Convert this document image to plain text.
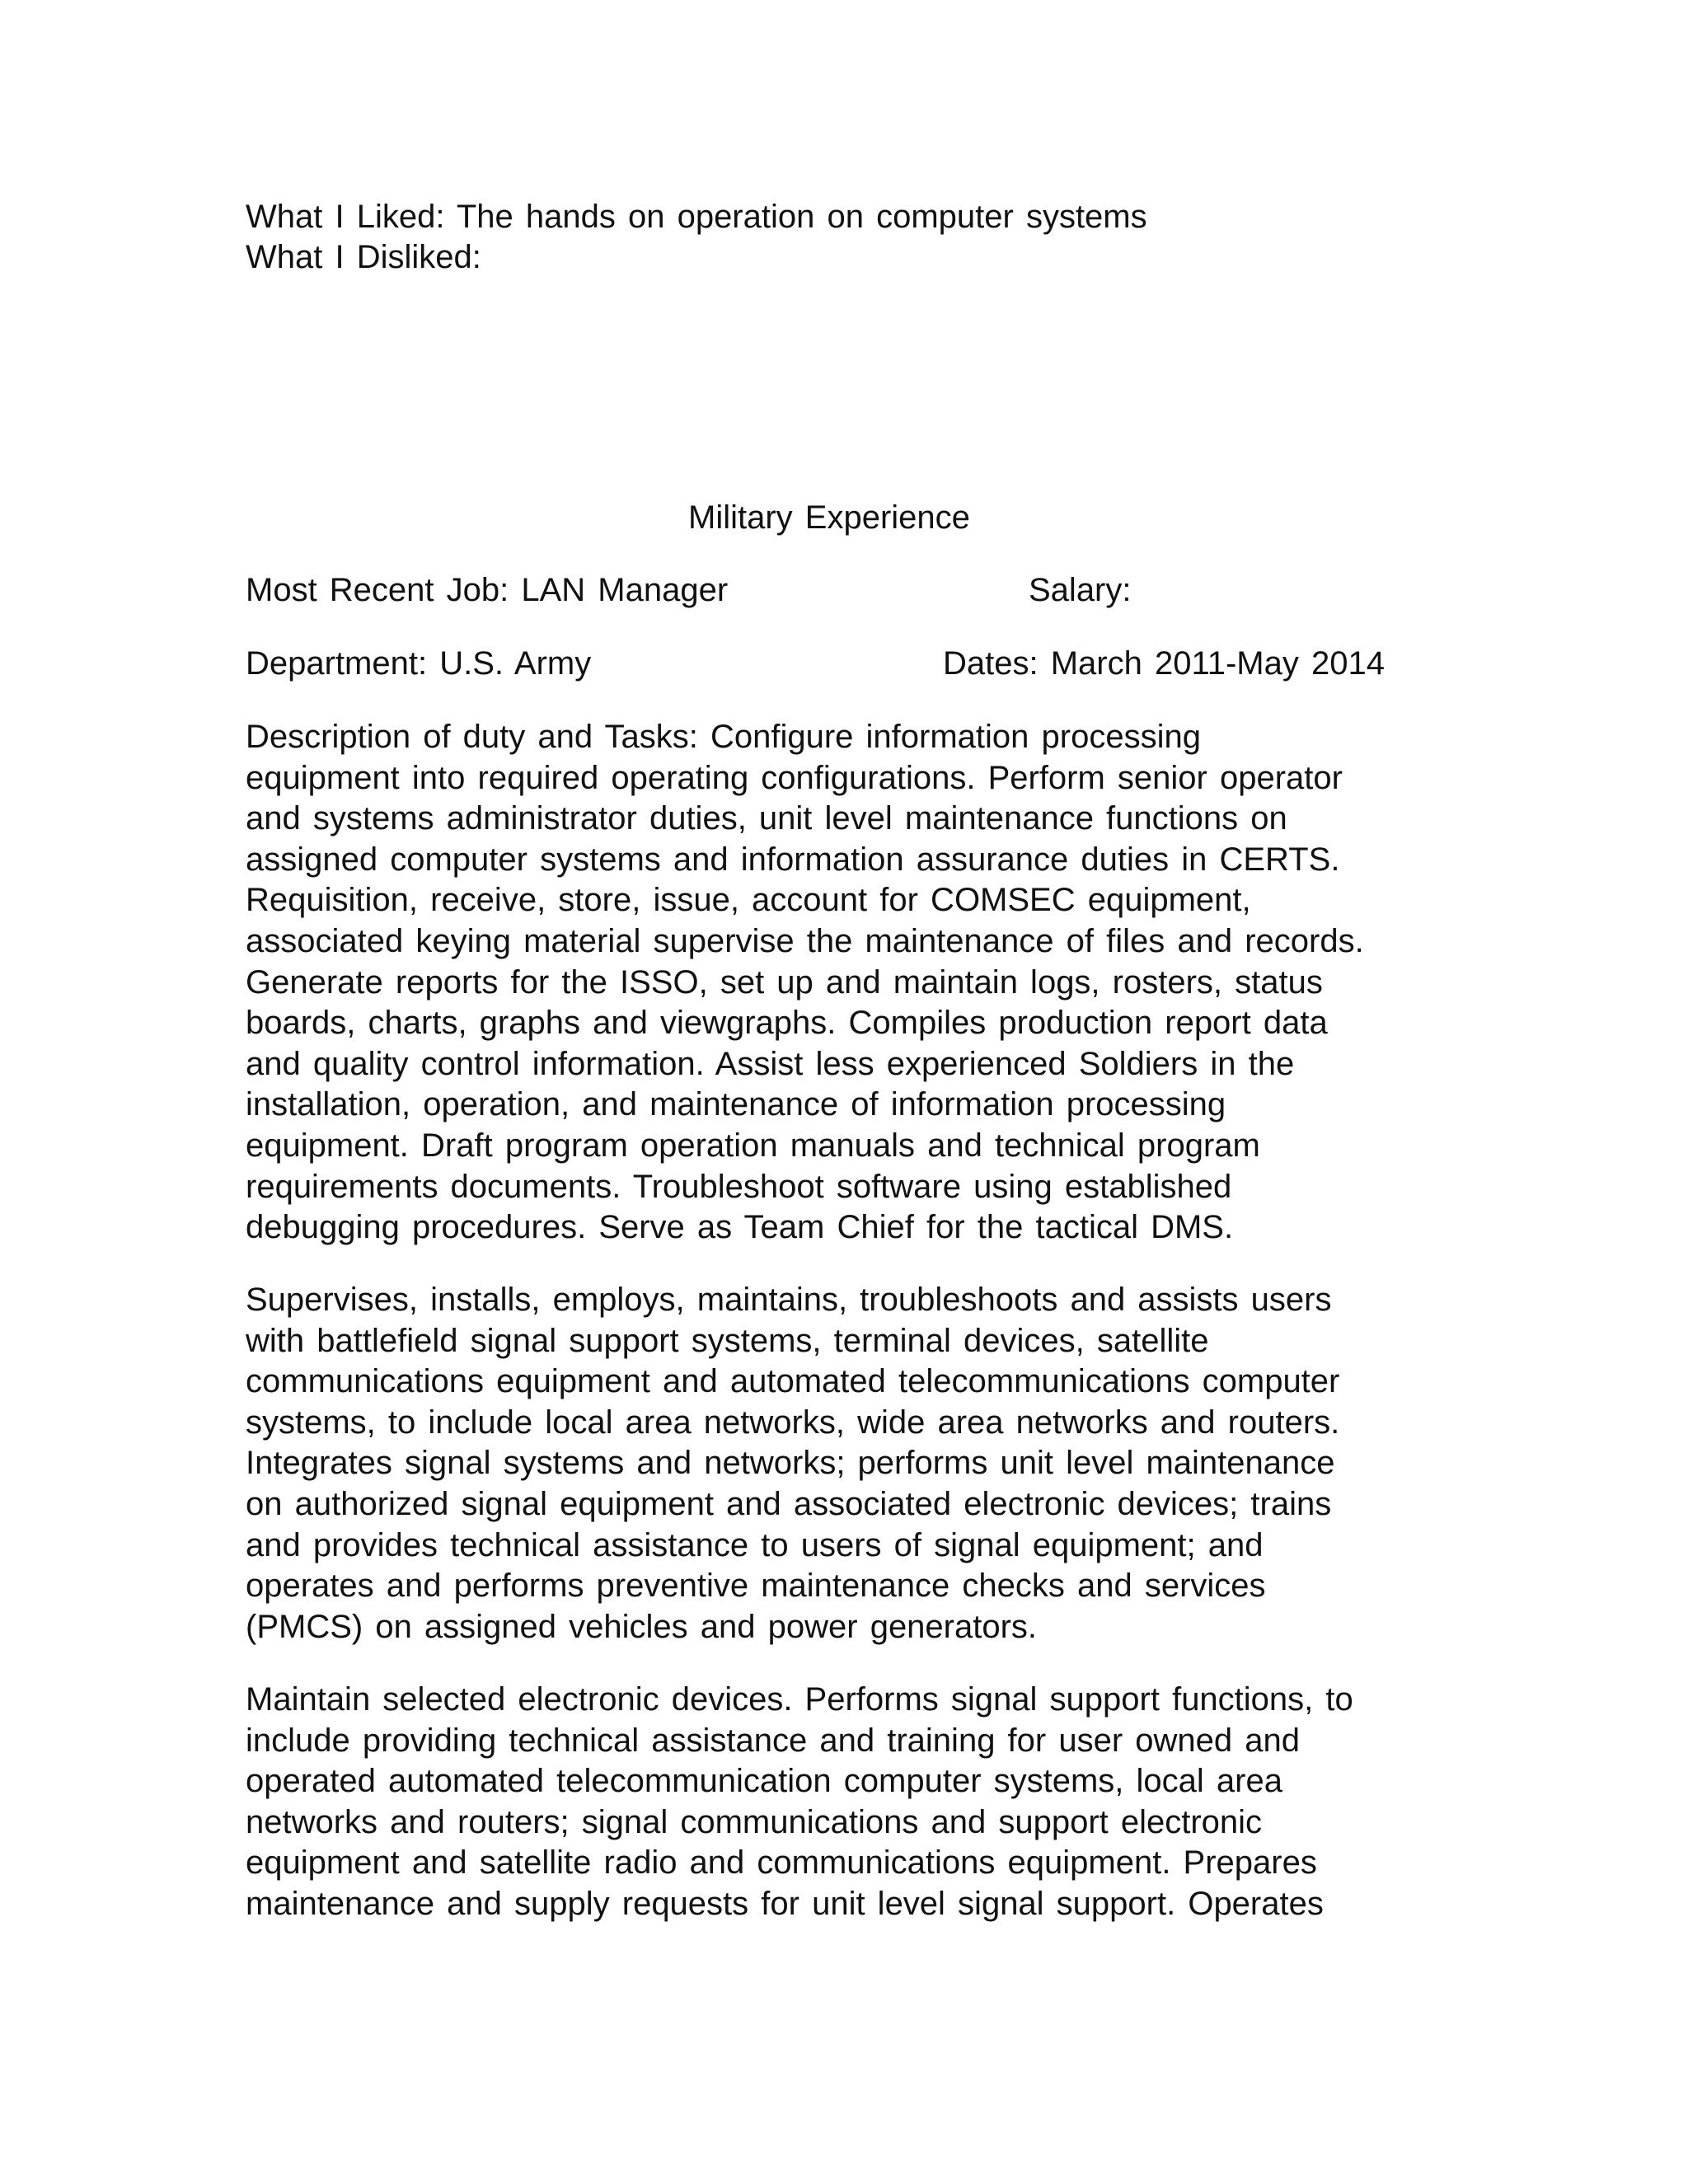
What I Liked: The hands on operation on computer systems
What I Disliked:
Military Experience
Most Recent Job: LAN Manager	Salary:
Department: U.S. Army	Dates: March 2011-May 2014
Description of duty and Tasks: Configure information processing
equipment into required operating configurations. Perform senior operator
and systems administrator duties, unit level maintenance functions on
assigned computer systems and information assurance duties in CERTS.
Requisition, receive, store, issue, account for COMSEC equipment,
associated keying material supervise the maintenance of files and records.
Generate reports for the ISSO, set up and maintain logs, rosters, status
boards, charts, graphs and viewgraphs. Compiles production report data
and quality control information. Assist less experienced Soldiers in the
installation, operation, and maintenance of information processing
equipment. Draft program operation manuals and technical program
requirements documents. Troubleshoot software using established
debugging procedures. Serve as Team Chief for the tactical DMS.
Supervises, installs, employs, maintains, troubleshoots and assists users
with battlefield signal support systems, terminal devices, satellite
communications equipment and automated telecommunications computer
systems, to include local area networks, wide area networks and routers.
Integrates signal systems and networks; performs unit level maintenance
on authorized signal equipment and associated electronic devices; trains
and provides technical assistance to users of signal equipment; and
operates and performs preventive maintenance checks and services
(PMCS) on assigned vehicles and power generators.
Maintain selected electronic devices. Performs signal support functions, to
include providing technical assistance and training for user owned and
operated automated telecommunication computer systems, local area
networks and routers; signal communications and support electronic
equipment and satellite radio and communications equipment. Prepares
maintenance and supply requests for unit level signal support. Operates
